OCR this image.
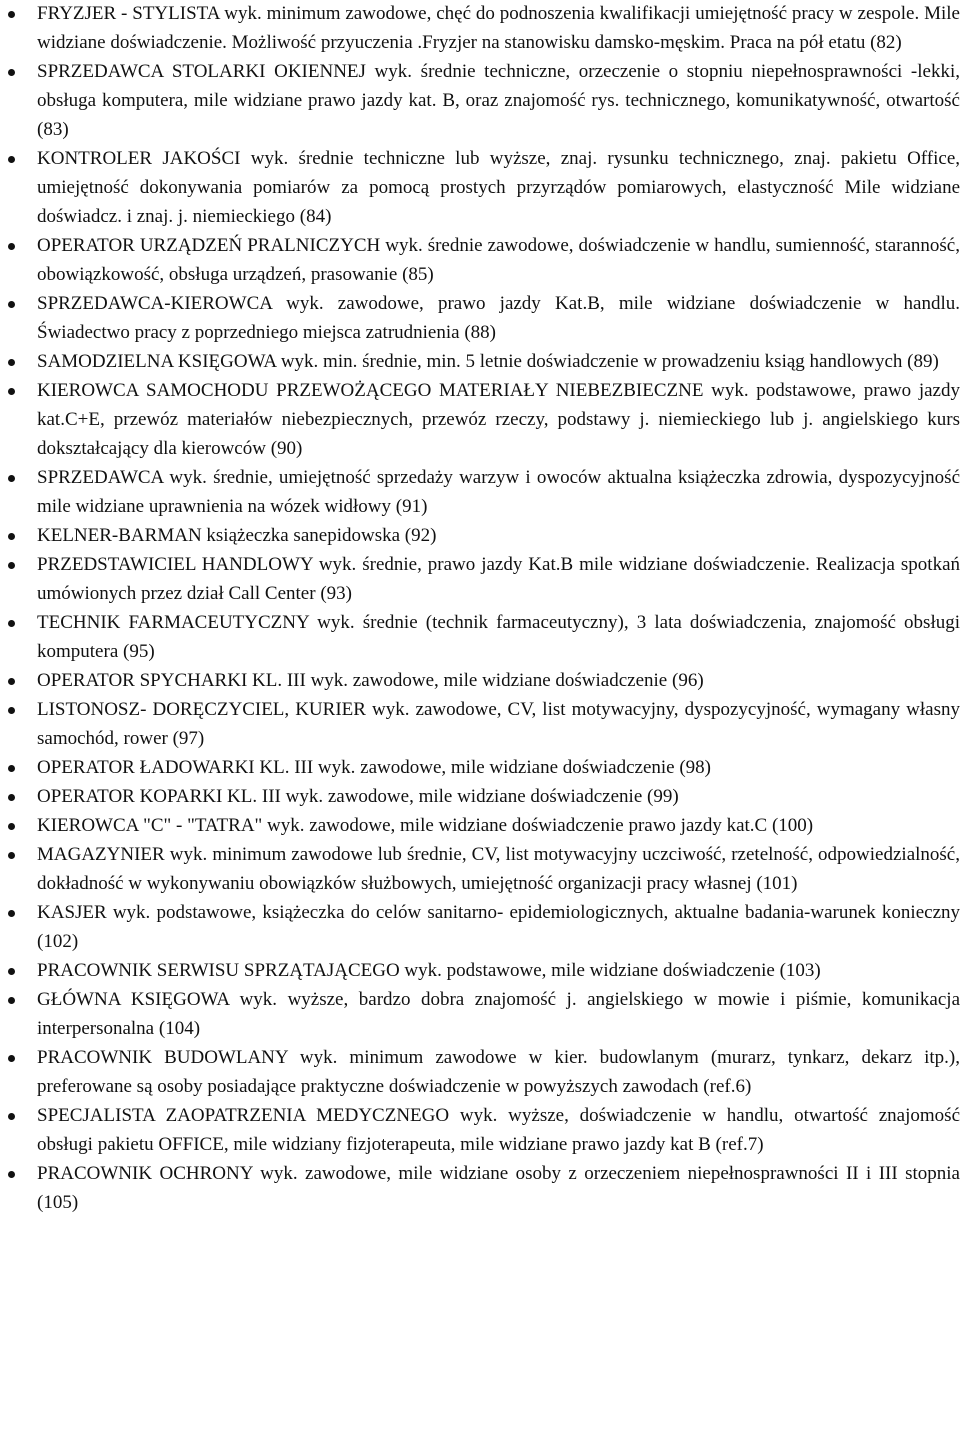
FRYZJER - STYLISTA wyk. minimum zawodowe, chęć do podnoszenia kwalifikacji umiejętność pracy w zespole. Mile widziane doświadczenie. Możliwość przyuczenia .Fryzjer na stanowisku damsko-męskim. Praca na pół etatu (82)
SPRZEDAWCA STOLARKI OKIENNEJ wyk. średnie techniczne, orzeczenie o stopniu niepełnosprawności -lekki, obsługa komputera, mile widziane prawo jazdy kat. B, oraz znajomość rys. technicznego, komunikatywność, otwartość (83)
KONTROLER JAKOŚCI wyk. średnie techniczne lub wyższe, znaj. rysunku technicznego, znaj. pakietu Office, umiejętność dokonywania pomiarów za pomocą prostych przyrządów pomiarowych, elastyczność Mile widziane doświadcz. i znaj. j. niemieckiego (84)
OPERATOR URZĄDZEŃ PRALNICZYCH wyk. średnie zawodowe, doświadczenie w handlu, sumienność, staranność, obowiązkowość, obsługa urządzeń, prasowanie (85)
SPRZEDAWCA-KIEROWCA wyk. zawodowe, prawo jazdy Kat.B, mile widziane doświadczenie w handlu. Świadectwo pracy z poprzedniego miejsca zatrudnienia (88)
SAMODZIELNA KSIĘGOWA wyk. min. średnie, min. 5 letnie doświadczenie w prowadzeniu ksiąg handlowych (89)
KIEROWCA SAMOCHODU PRZEWOŻĄCEGO MATERIAŁY NIEBEZBIECZNE wyk. podstawowe, prawo jazdy kat.C+E, przewóz materiałów niebezpiecznych, przewóz rzeczy, podstawy j. niemieckiego lub j. angielskiego kurs dokształcający dla kierowców (90)
SPRZEDAWCA wyk. średnie, umiejętność sprzedaży warzyw i owoców aktualna książeczka zdrowia, dyspozycyjność mile widziane uprawnienia na wózek widłowy (91)
KELNER-BARMAN książeczka sanepidowska (92)
PRZEDSTAWICIEL HANDLOWY wyk. średnie, prawo jazdy Kat.B mile widziane doświadczenie. Realizacja spotkań umówionych przez dział Call Center (93)
TECHNIK FARMACEUTYCZNY wyk. średnie (technik farmaceutyczny), 3 lata doświadczenia, znajomość obsługi komputera (95)
OPERATOR SPYCHARKI KL. III wyk. zawodowe, mile widziane doświadczenie (96)
LISTONOSZ- DORĘCZYCIEL, KURIER wyk. zawodowe, CV, list motywacyjny, dyspozycyjność, wymagany własny samochód, rower (97)
OPERATOR ŁADOWARKI KL. III wyk. zawodowe, mile widziane doświadczenie (98)
OPERATOR KOPARKI KL. III wyk. zawodowe, mile widziane doświadczenie (99)
KIEROWCA "C" - "TATRA" wyk. zawodowe, mile widziane doświadczenie prawo jazdy kat.C (100)
MAGAZYNIER wyk. minimum zawodowe lub średnie, CV, list motywacyjny uczciwość, rzetelność, odpowiedzialność, dokładność w wykonywaniu obowiązków służbowych, umiejętność organizacji pracy własnej (101)
KASJER wyk. podstawowe, książeczka do celów sanitarno- epidemiologicznych, aktualne badania-warunek konieczny (102)
PRACOWNIK SERWISU SPRZĄTAJĄCEGO wyk. podstawowe, mile widziane doświadczenie (103)
GŁÓWNA KSIĘGOWA wyk. wyższe, bardzo dobra znajomość j. angielskiego w mowie i piśmie, komunikacja interpersonalna (104)
PRACOWNIK BUDOWLANY wyk. minimum zawodowe w kier. budowlanym (murarz, tynkarz, dekarz itp.), preferowane są osoby posiadające praktyczne doświadczenie w powyższych zawodach (ref.6)
SPECJALISTA ZAOPATRZENIA MEDYCZNEGO wyk. wyższe, doświadczenie w handlu, otwartość znajomość obsługi pakietu OFFICE, mile widziany fizjoterapeuta, mile widziane prawo jazdy kat B (ref.7)
PRACOWNIK OCHRONY wyk. zawodowe, mile widziane osoby z orzeczeniem niepełnosprawności II i III stopnia (105)
